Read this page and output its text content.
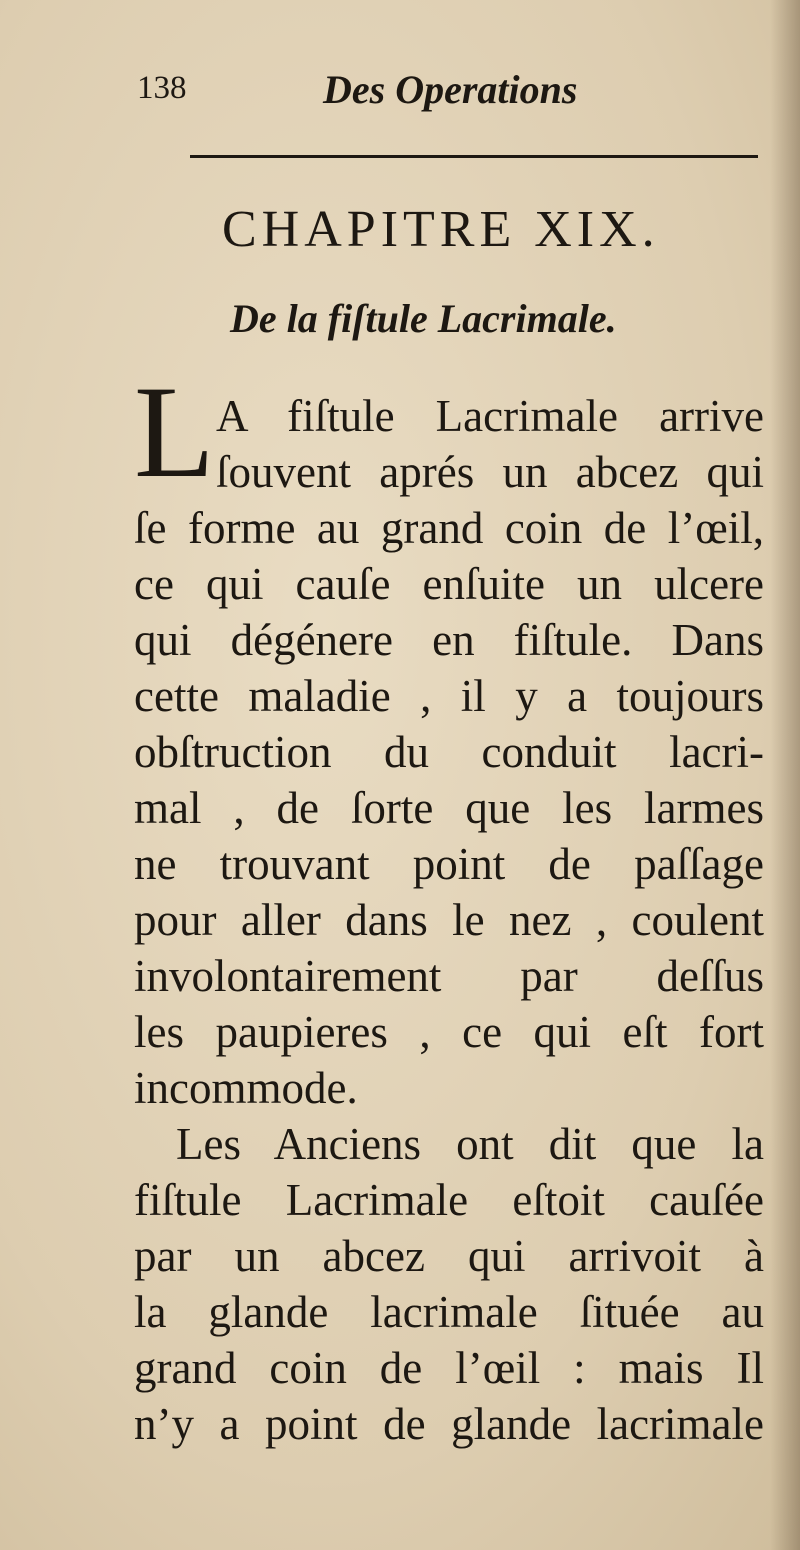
138	Des Operations
CHAPITRE XIX.
De la fiſtule Lacrimale.
L A fiſtule Lacrimale arrive
ſouvent aprés un abcez qui
ſe forme au grand coin de l’œil,
ce qui cauſe enſuite un ulcere
qui dégénere en fiſtule. Dans
cette maladie , il y a toujours
obſtruction du conduit lacri-
mal , de ſorte que les larmes
ne trouvant point de paſſage
pour aller dans le nez , coulent
involontairement par deſſus
les paupieres , ce qui eſt fort
incommode.
Les Anciens ont dit que la
fiſtule Lacrimale eſtoit cauſée
par un abcez qui arrivoit à
la glande lacrimale ſituée au
grand coin de l’œil : mais Il
n’y a point de glande lacrimale
